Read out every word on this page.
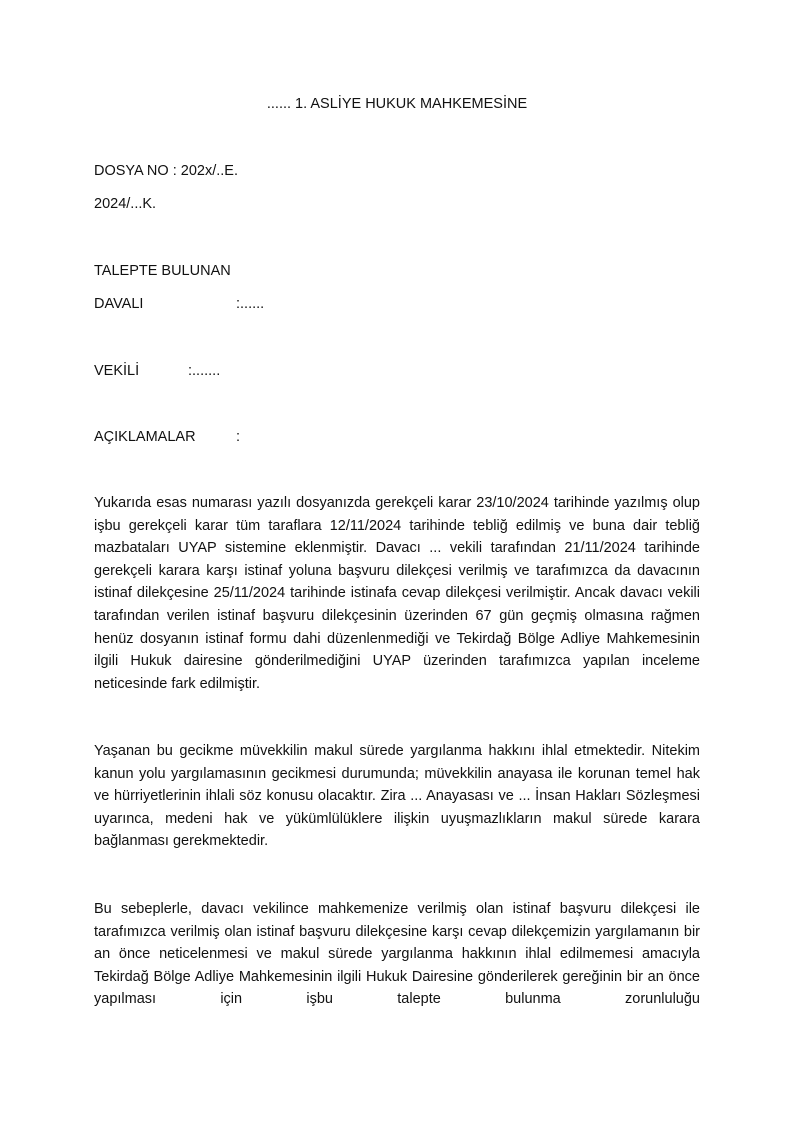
...... 1. ASLİYE HUKUK MAHKEMESİNE
DOSYA NO : 202x/..E.
2024/...K.
TALEPTE BULUNAN
DAVALI	:......
VEKİLİ	:.......
AÇIKLAMALAR	:
Yukarıda esas numarası yazılı dosyanızda gerekçeli karar 23/10/2024 tarihinde yazılmış olup işbu gerekçeli karar tüm taraflara 12/11/2024 tarihinde tebliğ edilmiş ve buna dair tebliğ mazbataları UYAP sistemine eklenmiştir. Davacı ... vekili tarafından 21/11/2024 tarihinde gerekçeli karara karşı istinaf yoluna başvuru dilekçesi verilmiş ve tarafımızca da davacının istinaf dilekçesine 25/11/2024 tarihinde istinafa cevap dilekçesi verilmiştir. Ancak davacı vekili tarafından verilen istinaf başvuru dilekçesinin üzerinden 67 gün geçmiş olmasına rağmen henüz dosyanın istinaf formu dahi düzenlenmediği ve Tekirdağ Bölge Adliye Mahkemesinin ilgili Hukuk dairesine gönderilmediğini UYAP üzerinden tarafımızca yapılan inceleme neticesinde fark edilmiştir.
Yaşanan bu gecikme müvekkilin makul sürede yargılanma hakkını ihlal etmektedir. Nitekim kanun yolu yargılamasının gecikmesi durumunda; müvekkilin anayasa ile korunan temel hak ve hürriyetlerinin ihlali söz konusu olacaktır. Zira ... Anayasası ve ... İnsan Hakları Sözleşmesi uyarınca, medeni hak ve yükümlülüklere ilişkin uyuşmazlıkların makul sürede karara bağlanması gerekmektedir.
Bu sebeplerle, davacı vekilince mahkemenize verilmiş olan istinaf başvuru dilekçesi ile tarafımızca verilmiş olan istinaf başvuru dilekçesine karşı cevap dilekçemizin yargılamanın bir an önce neticelenmesi ve makul sürede yargılanma hakkının ihlal edilmemesi amacıyla Tekirdağ Bölge Adliye Mahkemesinin ilgili Hukuk Dairesine gönderilerek gereğinin bir an önce yapılması için işbu talepte bulunma zorunluluğu
